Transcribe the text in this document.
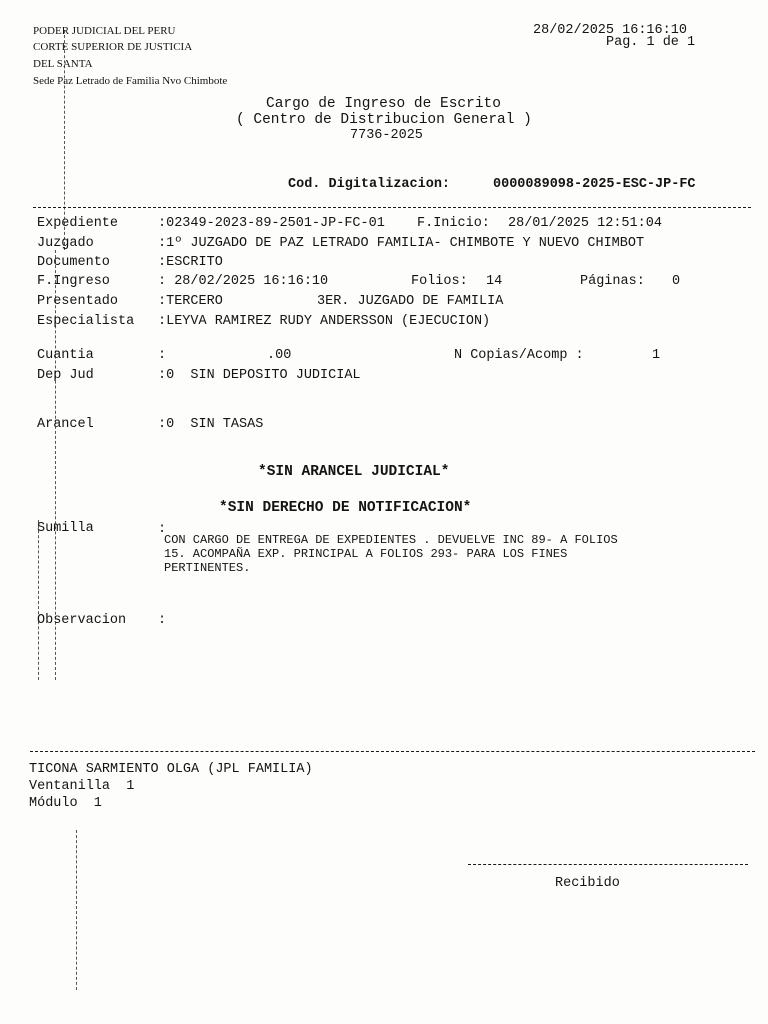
PODER JUDICIAL DEL PERU
CORTE SUPERIOR DE JUSTICIA
DEL SANTA
Sede Paz Letrado de Familia Nvo Chimbote
28/02/2025 16:16:10
Pag. 1 de 1
Cargo de Ingreso de Escrito
( Centro de Distribucion General )
7736-2025
Cod. Digitalizacion:	0000089098-2025-ESC-JP-FC
Expediente	:02349-2023-89-2501-JP-FC-01 F.Inicio: 28/01/2025 12:51:04
Juzgado	:1º JUZGADO DE PAZ LETRADO FAMILIA- CHIMBOTE Y NUEVO CHIMBOT
Documento	:ESCRITO
F.Ingreso	: 28/02/2025 16:16:10	Folios: 14	Páginas: 0
Presentado	:TERCERO	3ER. JUZGADO DE FAMILIA
Especialista :LEYVA RAMIREZ RUDY ANDERSSON (EJECUCION)
Cuantia	:	.00	N Copias/Acomp :	1
Dep Jud	:0  SIN DEPOSITO JUDICIAL
Arancel	:0  SIN TASAS
*SIN ARANCEL JUDICIAL*
*SIN DERECHO DE NOTIFICACION*
Sumilla	:
CON CARGO DE ENTREGA DE EXPEDIENTES . DEVUELVE INC 89- A FOLIOS
15. ACOMPAÑA EXP. PRINCIPAL A FOLIOS 293- PARA LOS FINES
PERTINENTES.
Observacion :
TICONA SARMIENTO OLGA (JPL FAMILIA)
Ventanilla  1
Módulo  1
Recibido
